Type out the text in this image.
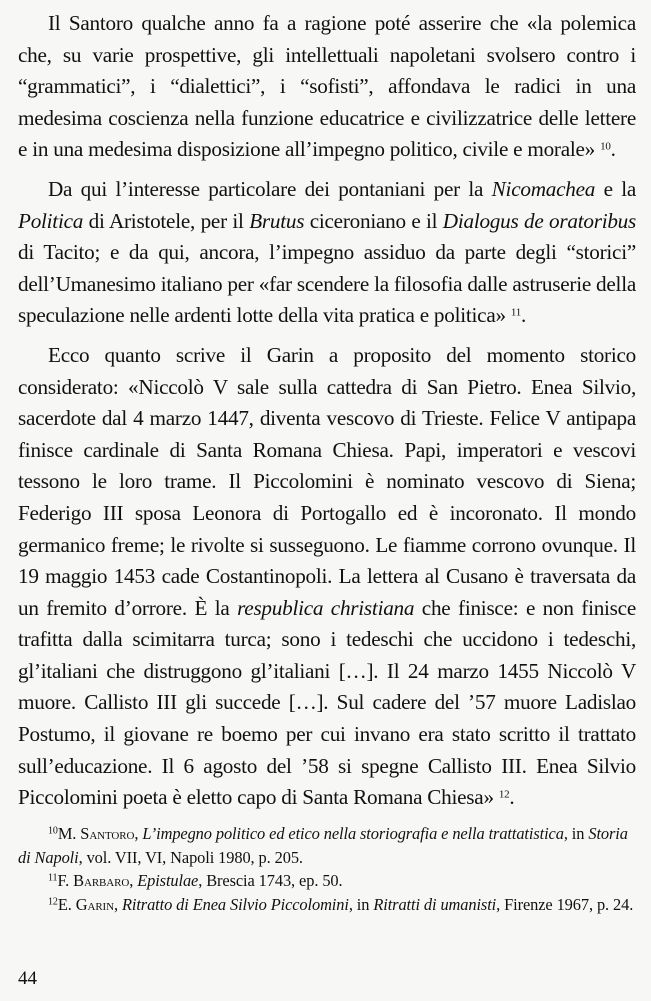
Il Santoro qualche anno fa a ragione poté asserire che «la polemica che, su varie prospettive, gli intellettuali napoletani svolsero contro i “grammatici”, i “dialettici”, i “sofisti”, affondava le radici in una medesima coscienza nella funzione educatrice e civilizzatrice delle lettere e in una medesima disposizione all’impegno politico, civile e morale» $^{10}$.

Da qui l’interesse particolare dei pontaniani per la Nicomachea e la Politica di Aristotele, per il Brutus ciceroniano e il Dialogus de oratoribus di Tacito; e da qui, ancora, l’impegno assiduo da parte degli “storici” dell’Umanesimo italiano per «far scendere la filosofia dalle astruserie della speculazione nelle ardenti lotte della vita pratica e politica» $^{11}$.

Ecco quanto scrive il Garin a proposito del momento storico considerato: «Niccolò V sale sulla cattedra di San Pietro. Enea Silvio, sacerdote dal 4 marzo 1447, diventa vescovo di Trieste. Felice V antipapa finisce cardinale di Santa Romana Chiesa. Papi, imperatori e vescovi tessono le loro trame. Il Piccolomini è nominato vescovo di Siena; Federigo III sposa Leonora di Portogallo ed è incoronato. Il mondo germanico freme; le rivolte si susseguono. Le fiamme corrono ovunque. Il 19 maggio 1453 cade Costantinopoli. La lettera al Cusano è traversata da un fremito d’orrore. È la respublica christiana che finisce: e non finisce trafitta dalla scimitarra turca; sono i tedeschi che uccidono i tedeschi, gl’italiani che distruggono gl’italiani […]. Il 24 marzo 1455 Niccolò V muore. Callisto III gli succede […]. Sul cadere del ’57 muore Ladislao Postumo, il giovane re boemo per cui invano era stato scritto il trattato sull’educazione. Il 6 agosto del ’58 si spegne Callisto III. Enea Silvio Piccolomini poeta è eletto capo di Santa Romana Chiesa» $^{12}$.

$^{10}$M. Santoro, L’impegno politico ed etico nella storiografia e nella trattatistica, in Storia di Napoli, vol. VII, VI, Napoli 1980, p. 205.

$^{11}$F. Barbaro, Epistulae, Brescia 1743, ep. 50.

$^{12}$E. Garin, Ritratto di Enea Silvio Piccolomini, in Ritratti di umanisti, Firenze 1967, p. 24.

44
